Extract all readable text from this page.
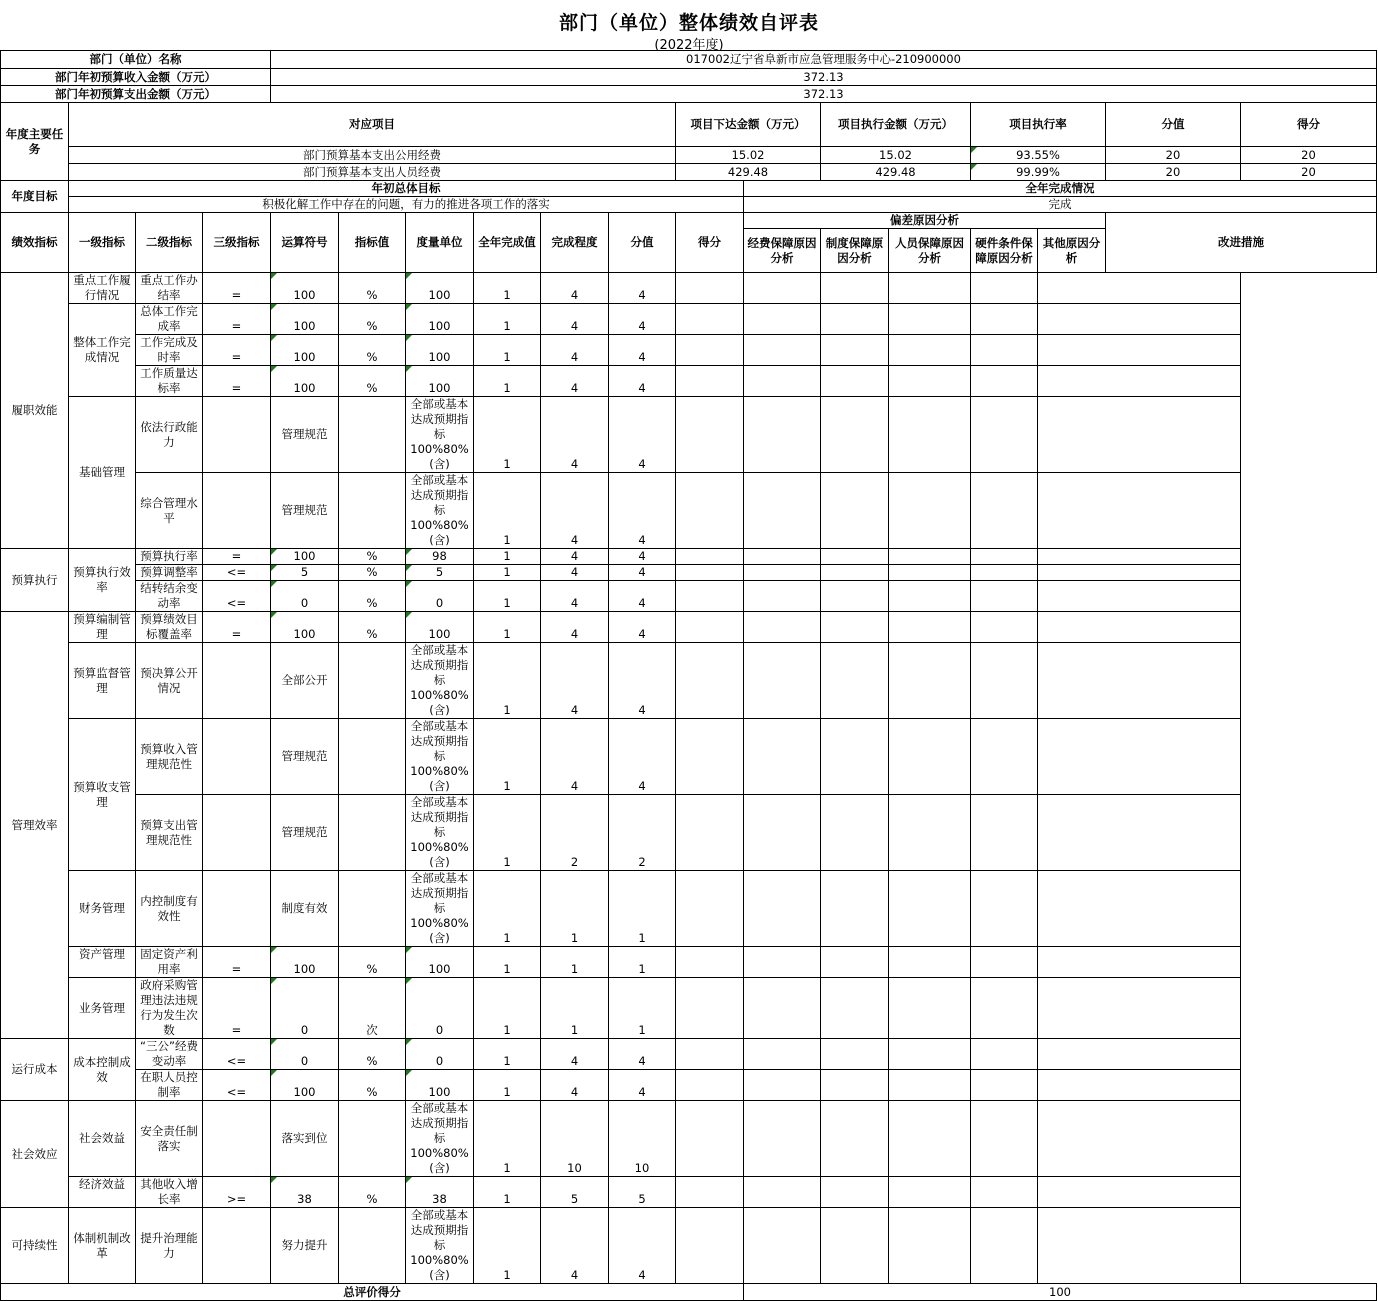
部门（单位）整体绩效自评表
(2022年度)
部门（单位）名称				017002辽宁省阜新市应急管理服务中心-210900000													
部门年初预算收入金额（万元）				372.13													
部门年初预算支出金额（万元）				372.13													
年度主要任务	对应项目									项目下达金额（万元）		项目执行金额（万元）		项目执行率		分值	得分
	部门预算基本支出公用经费									15.02		15.02		93.55%		20	20
	部门预算基本支出人员经费									429.48		429.48		99.99%		20	20
年度目标	年初总体目标										全年完成情况						
	积极化解工作中存在的问题，有力的推进各项工作的落实										完成						
绩效指标	一级指标	二级指标	三级指标	运算符号	指标值	度量单位	全年完成值	完成程度	分值	得分	偏差原因分析					改进措施	
											经费保障原因分析	制度保障原因分析	人员保障原因分析	硬件条件保障原因分析	其他原因分析		
履职效能	重点工作履行情况	重点工作办结率	=	100	%	100	1	4	4								
	整体工作完成情况	总体工作完成率	=	100	%	100	1	4	4								
		工作完成及时率	=	100	%	100	1	4	4								
		工作质量达标率	=	100	%	100	1	4	4								
	基础管理	依法行政能力		管理规范		全部或基本达成预期指标100%80%(含)	1	4	4								
		综合管理水平		管理规范		全部或基本达成预期指标100%80%(含)	1	4	4								
预算执行	预算执行效率	预算执行率	=	100	%	98	1	4	4								
		预算调整率	<=	5	%	5	1	4	4								
		结转结余变动率	<=	0	%	0	1	4	4								
管理效率	预算编制管理	预算绩效目标覆盖率	=	100	%	100	1	4	4								
	预算监督管理	预决算公开情况		全部公开		全部或基本达成预期指标100%80%(含)	1	4	4								
	预算收支管理	预算收入管理规范性		管理规范		全部或基本达成预期指标100%80%(含)	1	4	4								
		预算支出管理规范性		管理规范		全部或基本达成预期指标100%80%(含)	1	2	2								
	财务管理	内控制度有效性		制度有效		全部或基本达成预期指标100%80%(含)	1	1	1								
	资产管理	固定资产利用率	=	100	%	100	1	1	1								
	业务管理	政府采购管理违法违规行为发生次数	=	0	次	0	1	1	1								
运行成本	成本控制成效	“三公”经费变动率	<=	0	%	0	1	4	4								
		在职人员控制率	<=	100	%	100	1	4	4								
社会效应	社会效益	安全责任制落实		落实到位		全部或基本达成预期指标100%80%(含)	1	10	10								
	经济效益	其他收入增长率	>=	38	%	38	1	5	5								
可持续性	体制机制改革	提升治理能力		努力提升		全部或基本达成预期指标100%80%(含)	1	4	4								
总评价得分											100						
